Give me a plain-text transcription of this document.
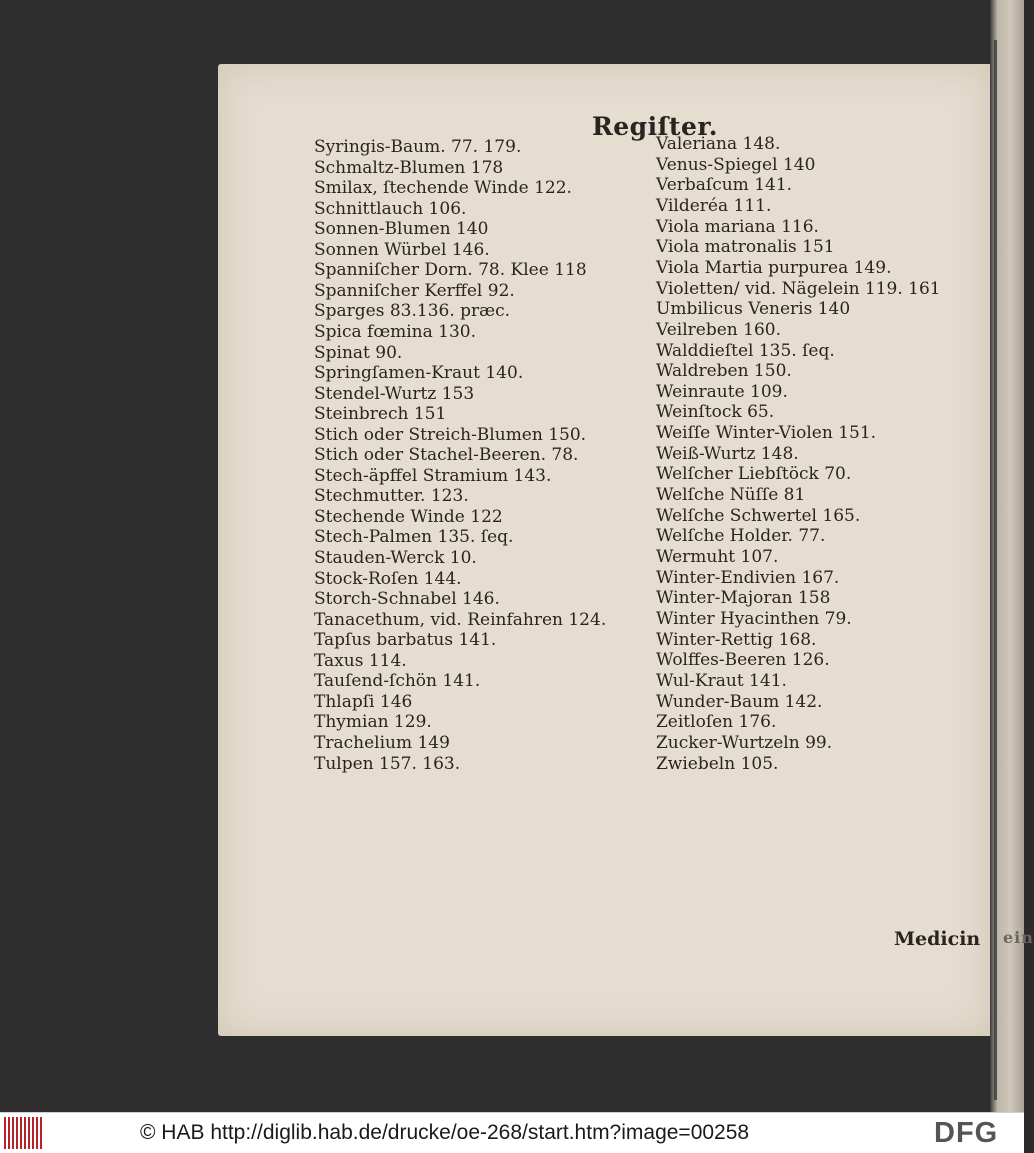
Regiſter.
Syringis-Baum. 77. 179.
Schmaltz-Blumen 178
Smilax, ſtechende Winde 122.
Schnittlauch 106.
Sonnen-Blumen 140
Sonnen Würbel 146.
Spanniſcher Dorn. 78. Klee 118
Spanniſcher Kerffel 92.
Sparges 83.136. præc.
Spica fœmina 130.
Spinat 90.
Springſamen-Kraut 140.
Stendel-Wurtz 153
Steinbrech 151
Stich oder Streich-Blumen 150.
Stich oder Stachel-Beeren. 78.
Stech-äpffel Stramium 143.
Stechmutter. 123.
Stechende Winde 122
Stech-Palmen 135. ſeq.
Stauden-Werck 10.
Stock-Roſen 144.
Storch-Schnabel 146.
Tanacethum, vid. Reinfahren 124.
Tapſus barbatus 141.
Taxus 114.
Tauſend-ſchön 141.
Thlapſi 146
Thymian 129.
Trachelium 149
Tulpen 157. 163.
Valeriana 148.
Venus-Spiegel 140
Verbaſcum 141.
Vilderéa 111.
Viola mariana 116.
Viola matronalis 151
Viola Martia purpurea 149.
Violetten/ vid. Nägelein 119. 161
Umbilicus Veneris 140
Veilreben 160.
Walddieſtel 135. ſeq.
Waldreben 150.
Weinraute 109.
Weinſtock 65.
Weiſſe Winter-Violen 151.
Weiß-Wurtz 148.
Welſcher Liebſtöck 70.
Welſche Nüſſe 81
Welſche Schwertel 165.
Welſche Holder. 77.
Wermuht 107.
Winter-Endivien 167.
Winter-Majoran 158
Winter Hyacinthen 79.
Winter-Rettig 168.
Wolffes-Beeren 126.
Wul-Kraut 141.
Wunder-Baum 142.
Zeitloſen 176.
Zucker-Wurtzeln 99.
Zwiebeln 105.
Medicin ein
© HAB http://diglib.hab.de/drucke/oe-268/start.htm?image=00258	DFG
